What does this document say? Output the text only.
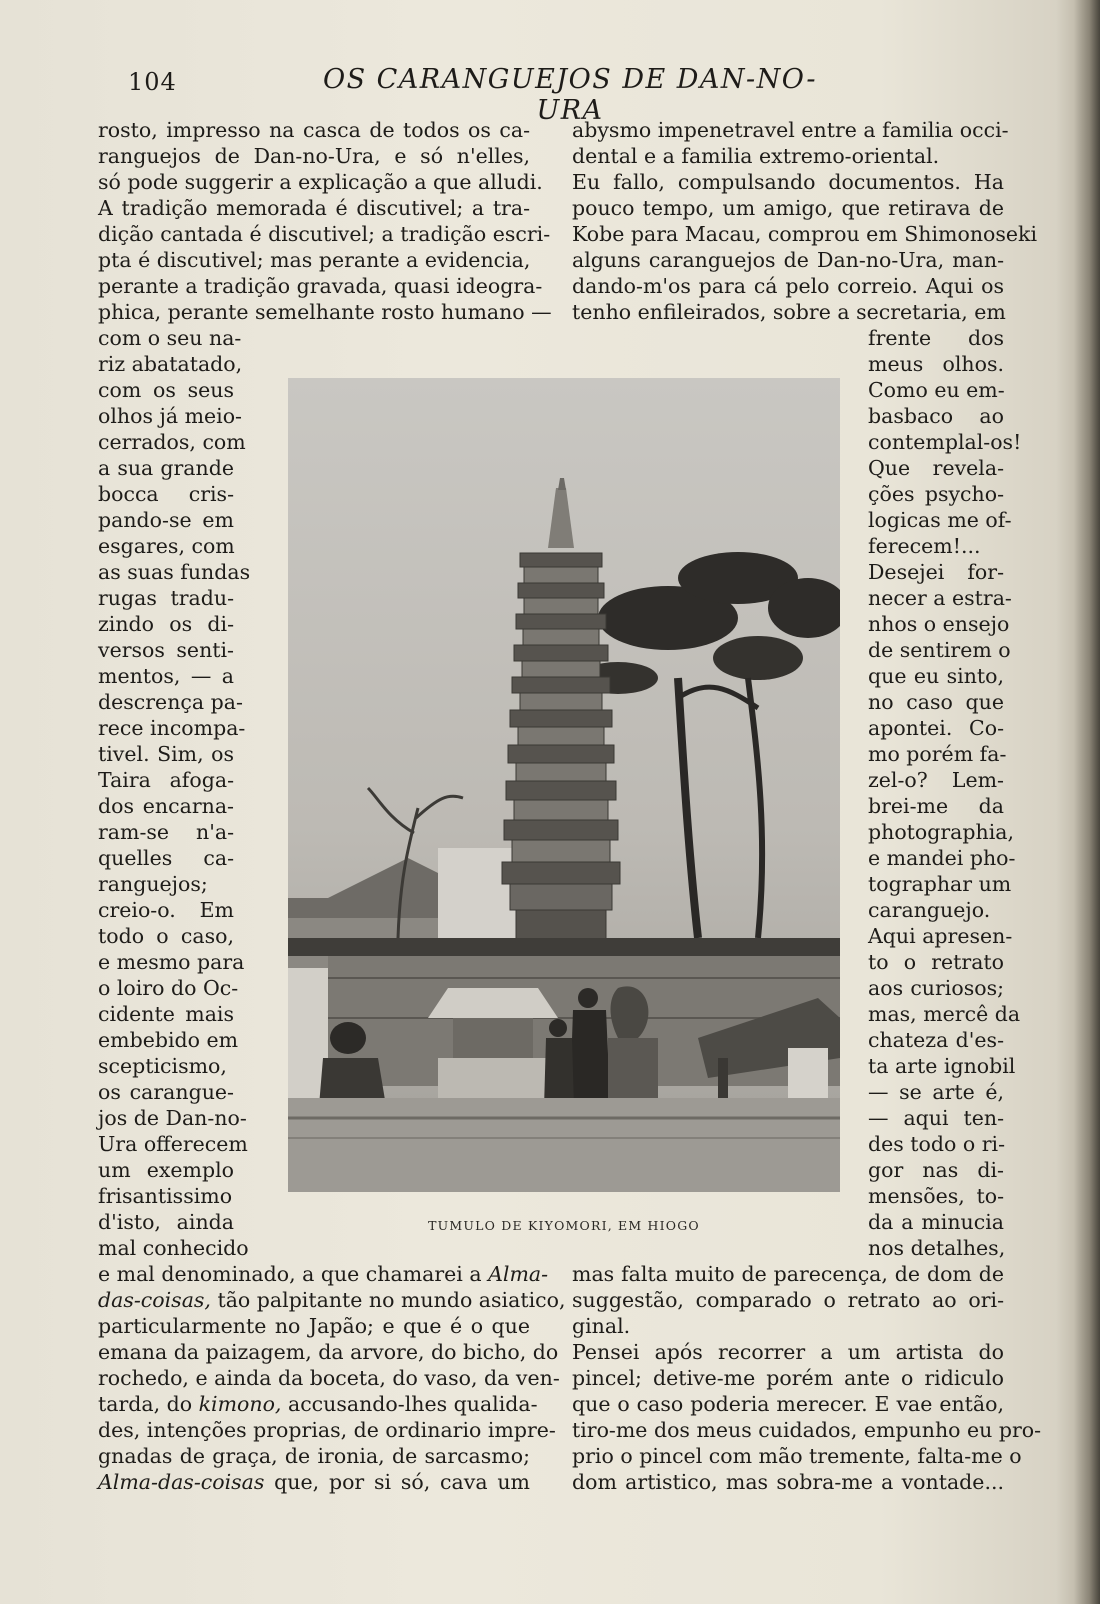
104	OS CARANGUEJOS DE DAN-NO-URA
rosto, impresso na casca de todos os ca-
ranguejos de Dan-no-Ura, e só n'elles,
só pode suggerir a explicação a que alludi.
A tradição memorada é discutivel; a tra-
dição cantada é discutivel; a tradição escri-
pta é discutivel; mas perante a evidencia,
perante a tradição gravada, quasi ideogra-
phica, perante semelhante rosto humano —
com o seu na-
riz abatatado,
com os seus
olhos já meio-
cerrados, com
a sua grande
bocca cris-
pando-se em
esgares, com
as suas fundas
rugas tradu-
zindo os di-
versos senti-
mentos, — a
descrença pa-
rece incompa-
tivel. Sim, os
Taira afoga-
dos encarna-
ram-se n'a-
quelles ca-
ranguejos;
creio-o. Em
todo o caso,
e mesmo para
o loiro do Oc-
cidente mais
embebido em
scepticismo,
os carangue-
jos de Dan-no-
Ura offerecem
um exemplo
frisantissimo
d'isto, ainda
mal conhecido
e mal denominado, a que chamarei a Alma-
das-coisas, tão palpitante no mundo asiatico,
particularmente no Japão; e que é o que
emana da paizagem, da arvore, do bicho, do
rochedo, e ainda da boceta, do vaso, da ven-
tarda, do kimono, accusando-lhes qualida-
des, intenções proprias, de ordinario impre-
gnadas de graça, de ironia, de sarcasmo;
Alma-das-coisas que, por si só, cava um
abysmo impenetravel entre a familia occi-
dental e a familia extremo-oriental.
Eu fallo, compulsando documentos. Ha
pouco tempo, um amigo, que retirava de
Kobe para Macau, comprou em Shimonoseki
alguns caranguejos de Dan-no-Ura, man-
dando-m'os para cá pelo correio. Aqui os
tenho enfileirados, sobre a secretaria, em
frente dos
meus olhos.
Como eu em-
basbaco ao
contemplal-os!
Que revela-
ções psycho-
logicas me of-
ferecem!...
Desejei for-
necer a estra-
nhos o ensejo
de sentirem o
que eu sinto,
no caso que
apontei. Co-
mo porém fa-
zel-o? Lem-
brei-me da
photographia,
e mandei pho-
tographar um
caranguejo.
Aqui apresen-
to o retrato
aos curiosos;
mas, mercê da
chateza d'es-
ta arte ignobil
— se arte é,
— aqui ten-
des todo o ri-
gor nas di-
mensões, to-
da a minucia
nos detalhes,
mas falta muito de parecença, de dom de
suggestão, comparado o retrato ao ori-
ginal.
Pensei após recorrer a um artista do
pincel; detive-me porém ante o ridiculo
que o caso poderia merecer. E vae então,
tiro-me dos meus cuidados, empunho eu pro-
prio o pincel com mão tremente, falta-me o
dom artistico, mas sobra-me a vontade...
TUMULO DE KIYOMORI, EM HIOGO
